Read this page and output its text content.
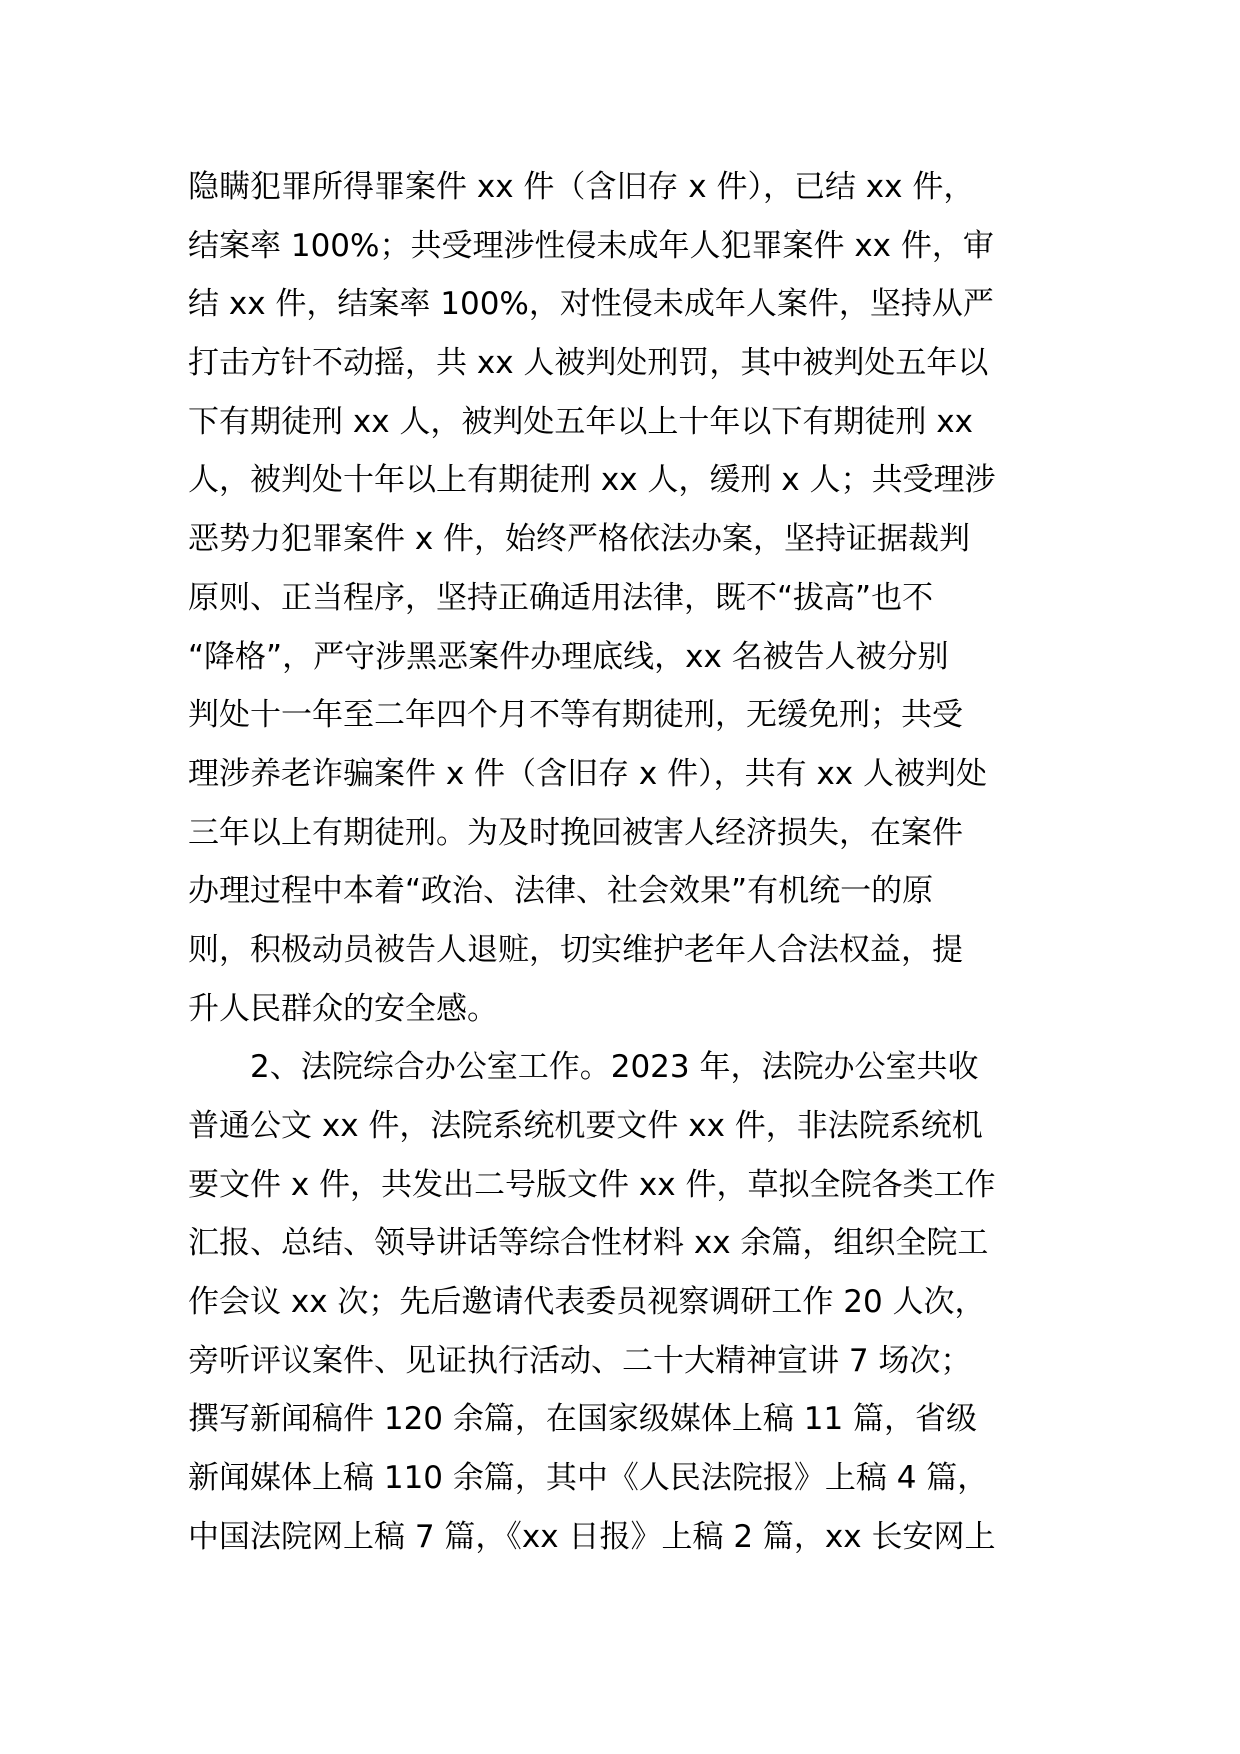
隐瞒犯罪所得罪案件 xx 件（含旧存 x 件），已结 xx 件，
结案率 100%；共受理涉性侵未成年人犯罪案件 xx 件，审
结 xx 件，结案率 100%，对性侵未成年人案件，坚持从严
打击方针不动摇，共 xx 人被判处刑罚，其中被判处五年以
下有期徒刑 xx 人，被判处五年以上十年以下有期徒刑 xx
人，被判处十年以上有期徒刑 xx 人，缓刑 x 人；共受理涉
恶势力犯罪案件 x 件，始终严格依法办案，坚持证据裁判
原则、正当程序，坚持正确适用法律，既不“拔高”也不
“降格”，严守涉黑恶案件办理底线，xx 名被告人被分别
判处十一年至二年四个月不等有期徒刑，无缓免刑；共受
理涉养老诈骗案件 x 件（含旧存 x 件），共有 xx 人被判处
三年以上有期徒刑。为及时挽回被害人经济损失，在案件
办理过程中本着“政治、法律、社会效果”有机统一的原
则，积极动员被告人退赃，切实维护老年人合法权益，提
升人民群众的安全感。
　　2、法院综合办公室工作。2023 年，法院办公室共收
普通公文 xx 件，法院系统机要文件 xx 件，非法院系统机
要文件 x 件，共发出二号版文件 xx 件，草拟全院各类工作
汇报、总结、领导讲话等综合性材料 xx 余篇，组织全院工
作会议 xx 次；先后邀请代表委员视察调研工作 20 人次，
旁听评议案件、见证执行活动、二十大精神宣讲 7 场次；
撰写新闻稿件 120 余篇，在国家级媒体上稿 11 篇，省级
新闻媒体上稿 110 余篇，其中《人民法院报》上稿 4 篇，
中国法院网上稿 7 篇，《xx 日报》上稿 2 篇，xx 长安网上
